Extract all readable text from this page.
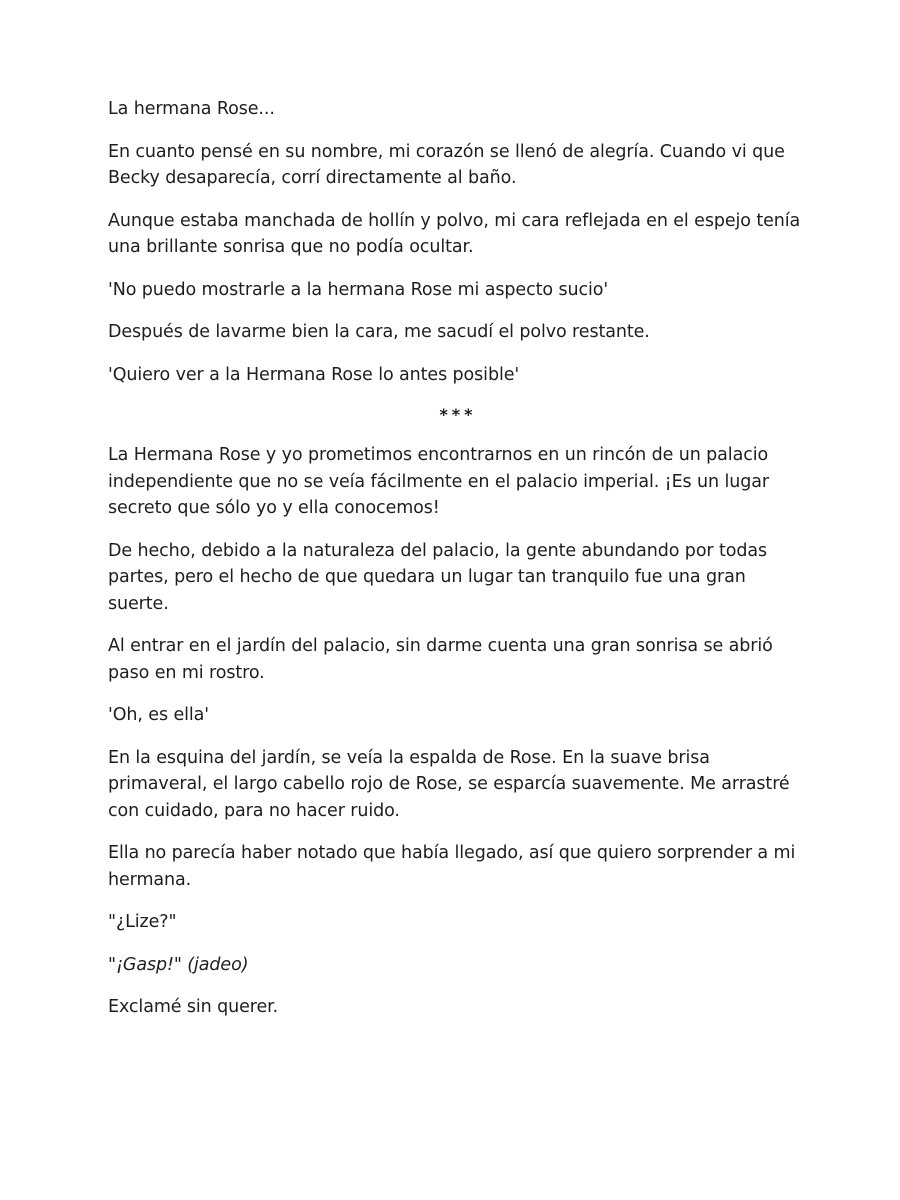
La hermana Rose...

En cuanto pensé en su nombre, mi corazón se llenó de alegría. Cuando vi que Becky desaparecía, corrí directamente al baño.

Aunque estaba manchada de hollín y polvo, mi cara reflejada en el espejo tenía una brillante sonrisa que no podía ocultar.

'No puedo mostrarle a la hermana Rose mi aspecto sucio'

Después de lavarme bien la cara, me sacudí el polvo restante.

'Quiero ver a la Hermana Rose lo antes posible'

***

La Hermana Rose y yo prometimos encontrarnos en un rincón de un palacio independiente que no se veía fácilmente en el palacio imperial. ¡Es un lugar secreto que sólo yo y ella conocemos!

De hecho, debido a la naturaleza del palacio, la gente abundando por todas partes, pero el hecho de que quedara un lugar tan tranquilo fue una gran suerte.

Al entrar en el jardín del palacio, sin darme cuenta una gran sonrisa se abrió paso en mi rostro.

'Oh, es ella'

En la esquina del jardín, se veía la espalda de Rose. En la suave brisa primaveral, el largo cabello rojo de Rose, se esparcía suavemente. Me arrastré con cuidado, para no hacer ruido.

Ella no parecía haber notado que había llegado, así que quiero sorprender a mi hermana.

"¿Lize?"

"¡Gasp!" (jadeo)

Exclamé sin querer.
